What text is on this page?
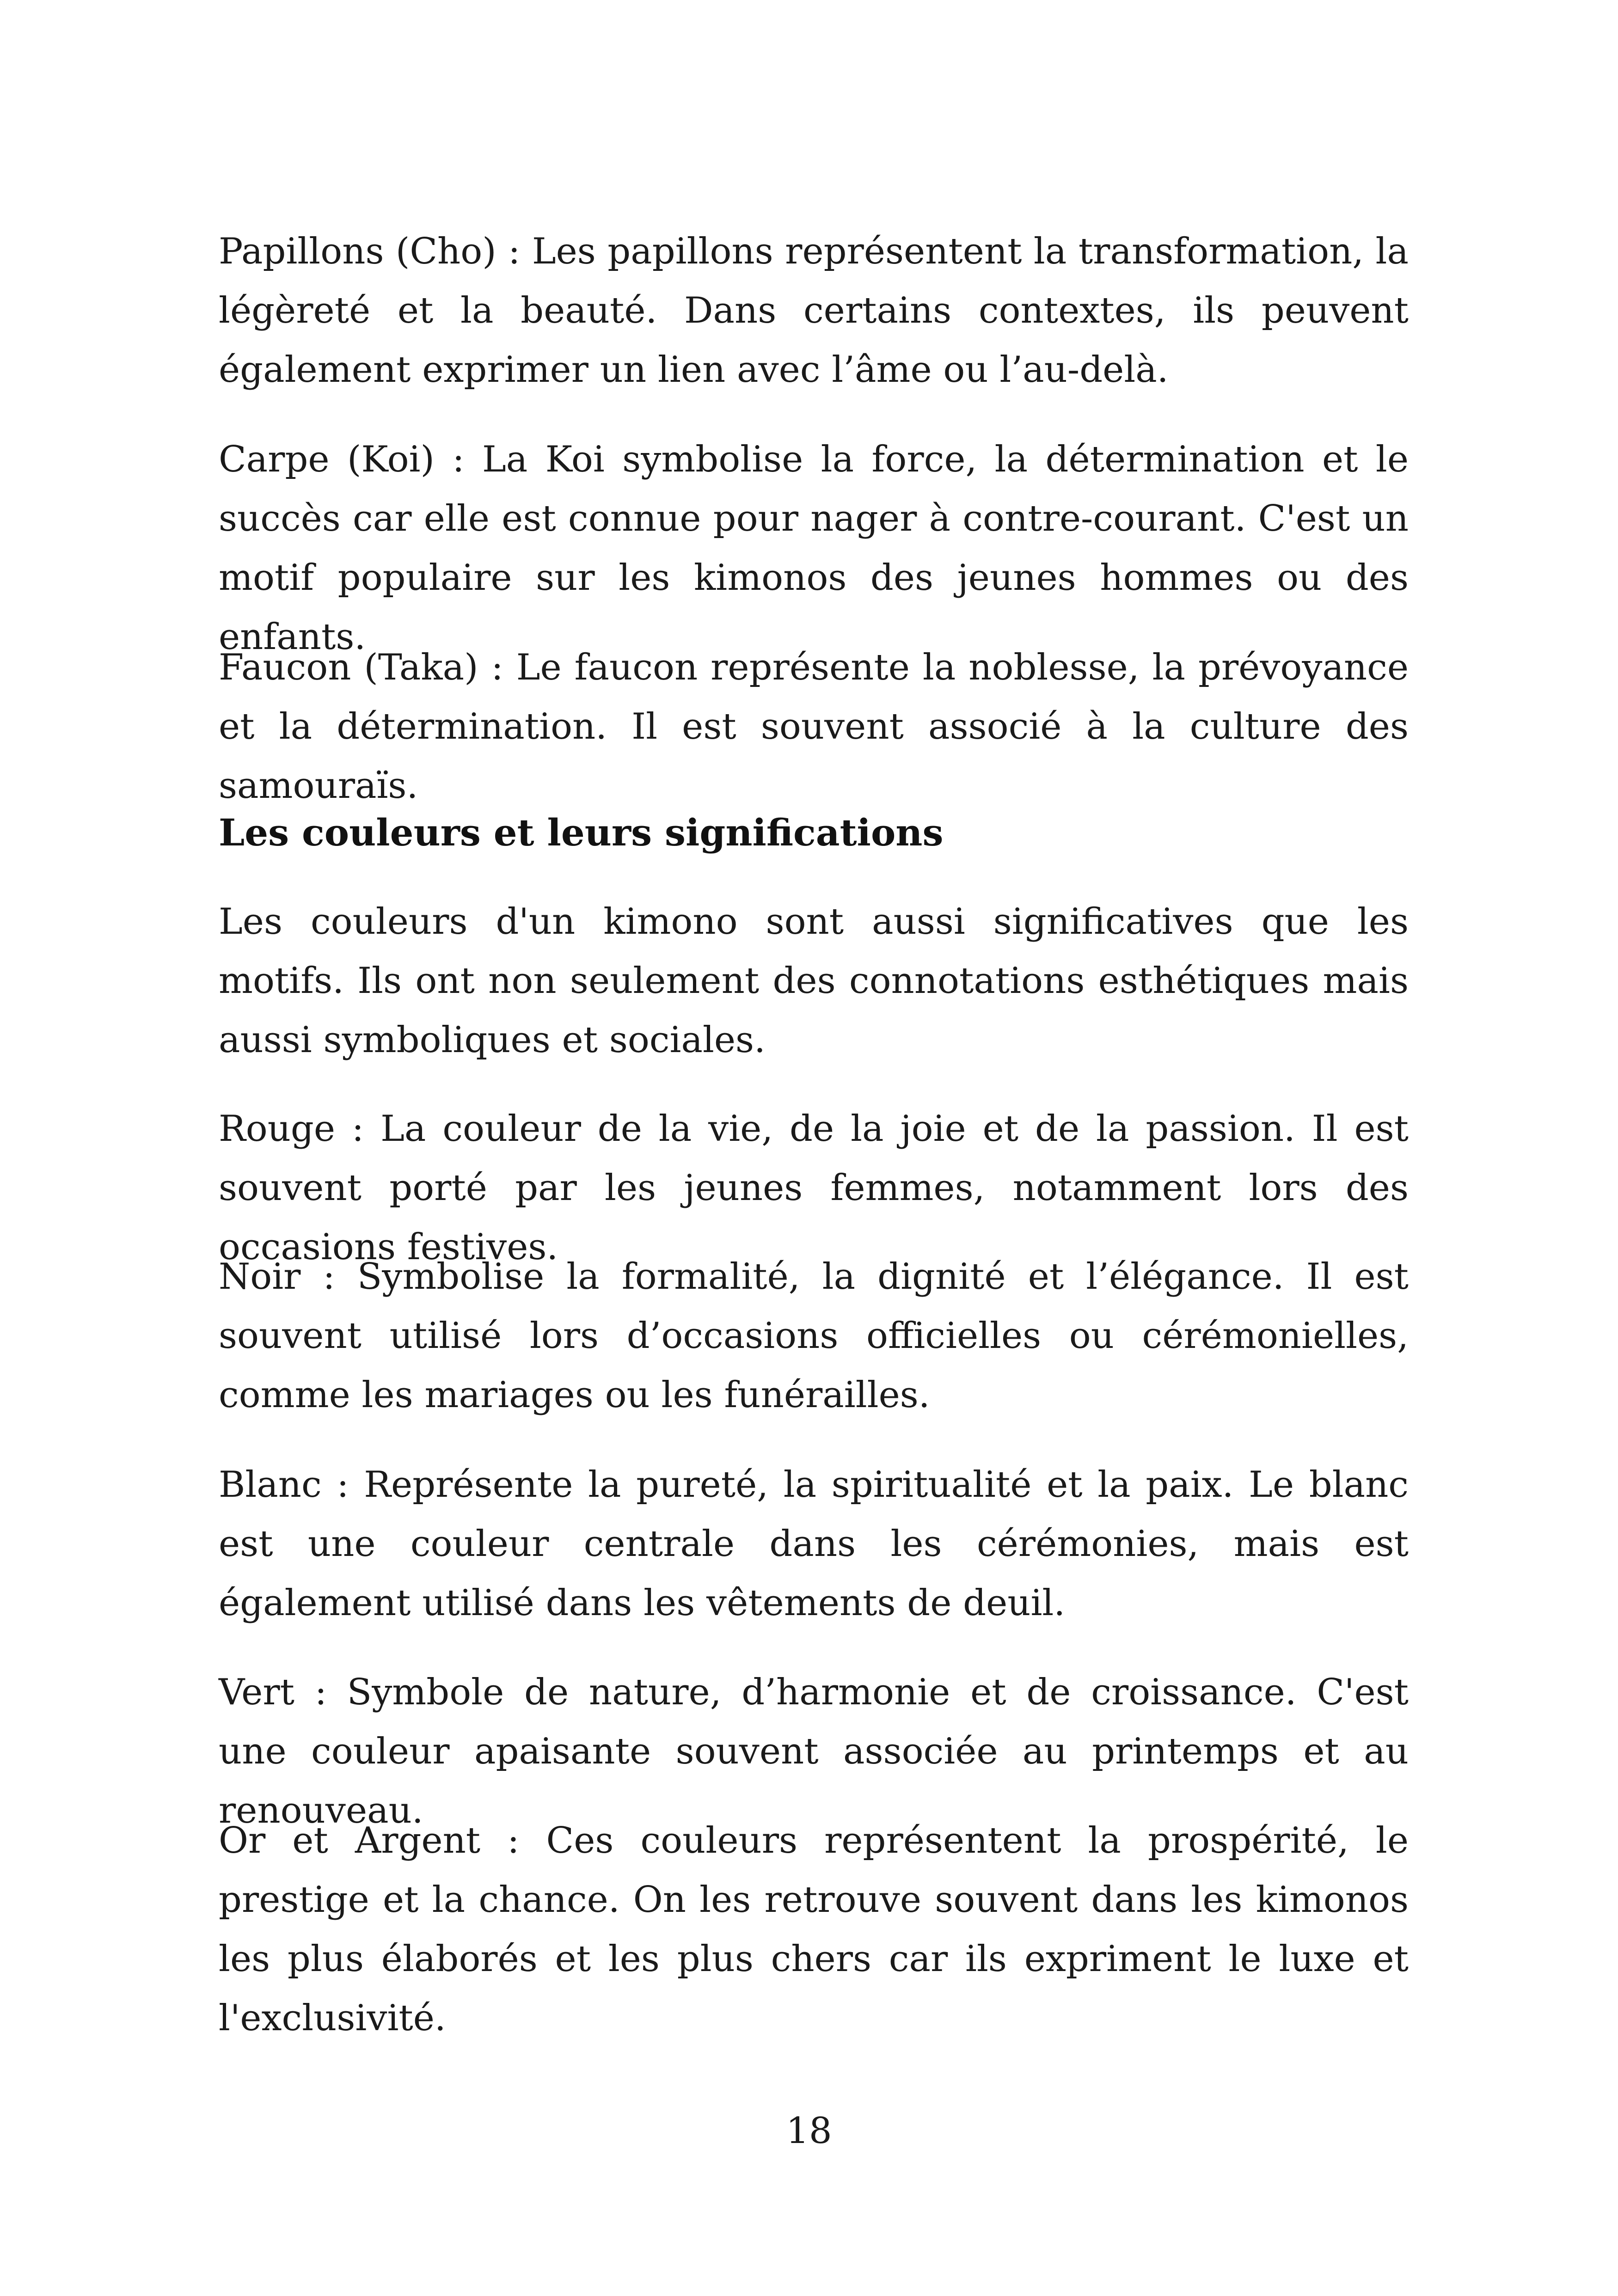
Papillons (Cho) : Les papillons représentent la transformation, la légèreté et la beauté. Dans certains contextes, ils peuvent également exprimer un lien avec l’âme ou l’au-delà.

Carpe (Koi) : La Koi symbolise la force, la détermination et le succès car elle est connue pour nager à contre-courant. C'est un motif populaire sur les kimonos des jeunes hommes ou des enfants.

Faucon (Taka) : Le faucon représente la noblesse, la prévoyance et la détermination. Il est souvent associé à la culture des samouraïs.

Les couleurs et leurs significations

Les couleurs d'un kimono sont aussi significatives que les motifs. Ils ont non seulement des connotations esthétiques mais aussi symboliques et sociales.

Rouge : La couleur de la vie, de la joie et de la passion. Il est souvent porté par les jeunes femmes, notamment lors des occasions festives.

Noir : Symbolise la formalité, la dignité et l’élégance. Il est souvent utilisé lors d’occasions officielles ou cérémonielles, comme les mariages ou les funérailles.

Blanc : Représente la pureté, la spiritualité et la paix. Le blanc est une couleur centrale dans les cérémonies, mais est également utilisé dans les vêtements de deuil.

Vert : Symbole de nature, d’harmonie et de croissance. C'est une couleur apaisante souvent associée au printemps et au renouveau.

Or et Argent : Ces couleurs représentent la prospérité, le prestige et la chance. On les retrouve souvent dans les kimonos les plus élaborés et les plus chers car ils expriment le luxe et l'exclusivité.

18
